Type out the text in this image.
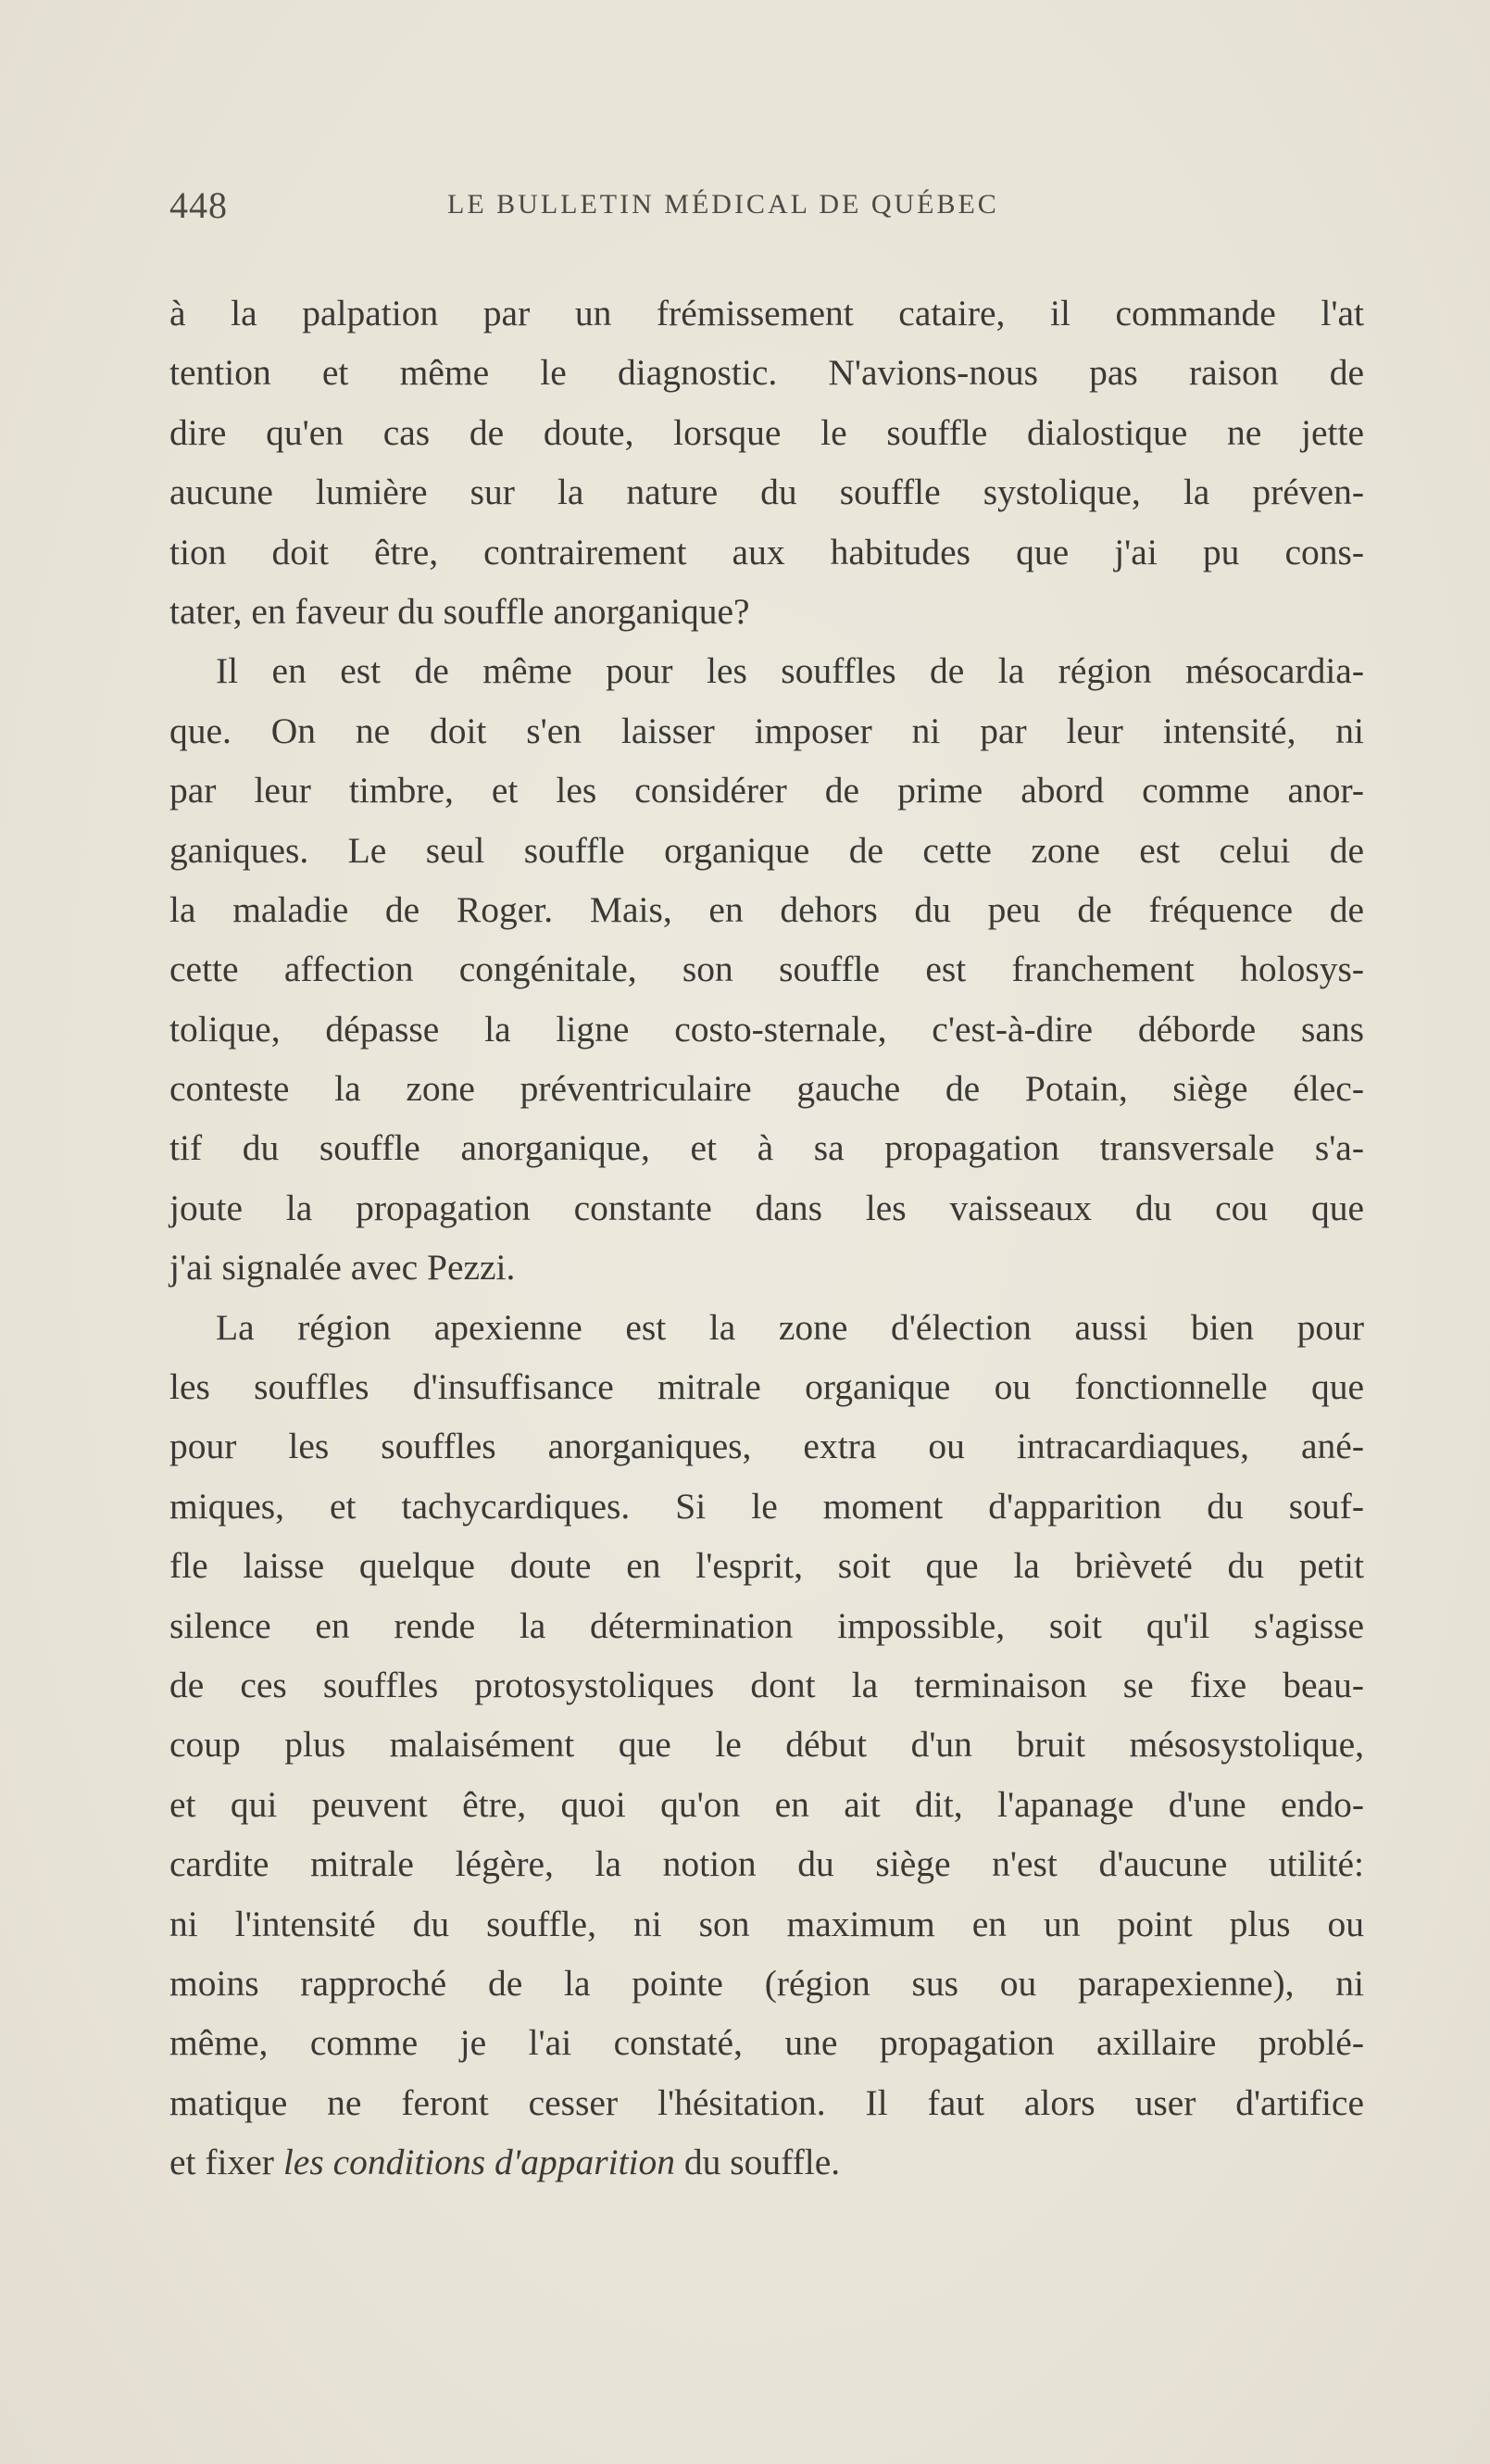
448	LE BULLETIN MÉDICAL DE QUÉBEC
à la palpation par un frémissement cataire, il commande l'at
tention et même le diagnostic. N'avions-nous pas raison de
dire qu'en cas de doute, lorsque le souffle dialostique ne jette
aucune lumière sur la nature du souffle systolique, la préven-
tion doit être, contrairement aux habitudes que j'ai pu cons-
tater, en faveur du souffle anorganique?
Il en est de même pour les souffles de la région mésocardia-
que. On ne doit s'en laisser imposer ni par leur intensité, ni
par leur timbre, et les considérer de prime abord comme anor-
ganiques. Le seul souffle organique de cette zone est celui de
la maladie de Roger. Mais, en dehors du peu de fréquence de
cette affection congénitale, son souffle est franchement holosys-
tolique, dépasse la ligne costo-sternale, c'est-à-dire déborde sans
conteste la zone préventriculaire gauche de Potain, siège élec-
tif du souffle anorganique, et à sa propagation transversale s'a-
joute la propagation constante dans les vaisseaux du cou que
j'ai signalée avec Pezzi.
La région apexienne est la zone d'élection aussi bien pour
les souffles d'insuffisance mitrale organique ou fonctionnelle que
pour les souffles anorganiques, extra ou intracardiaques, ané-
miques, et tachycardiques. Si le moment d'apparition du souf-
fle laisse quelque doute en l'esprit, soit que la brièveté du petit
silence en rende la détermination impossible, soit qu'il s'agisse
de ces souffles protosystoliques dont la terminaison se fixe beau-
coup plus malaisément que le début d'un bruit mésosystolique,
et qui peuvent être, quoi qu'on en ait dit, l'apanage d'une endo-
cardite mitrale légère, la notion du siège n'est d'aucune utilité:
ni l'intensité du souffle, ni son maximum en un point plus ou
moins rapproché de la pointe (région sus ou parapexienne), ni
même, comme je l'ai constaté, une propagation axillaire problé-
matique ne feront cesser l'hésitation. Il faut alors user d'artifice
et fixer les conditions d'apparition du souffle.
